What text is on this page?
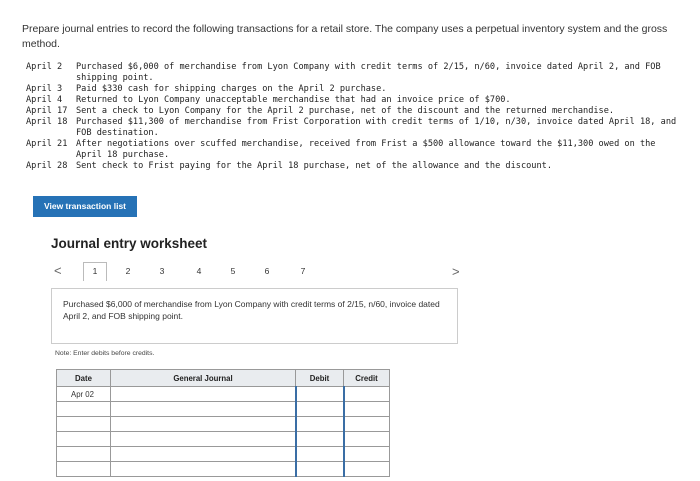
Prepare journal entries to record the following transactions for a retail store. The company uses a perpetual inventory system and the gross method.
April 2	Purchased $6,000 of merchandise from Lyon Company with credit terms of 2/15, n/60, invoice dated April 2, and FOB shipping point.
April 3	Paid $330 cash for shipping charges on the April 2 purchase.
April 4	Returned to Lyon Company unacceptable merchandise that had an invoice price of $700.
April 17 Sent a check to Lyon Company for the April 2 purchase, net of the discount and the returned merchandise.
April 18 Purchased $11,300 of merchandise from Frist Corporation with credit terms of 1/10, n/30, invoice dated April 18, and FOB destination.
April 21 After negotiations over scuffed merchandise, received from Frist a $500 allowance toward the $11,300 owed on the April 18 purchase.
April 28 Sent check to Frist paying for the April 18 purchase, net of the allowance and the discount.
View transaction list
Journal entry worksheet
<	1	2	3	4	5	6	7	>
Purchased $6,000 of merchandise from Lyon Company with credit terms of 2/15, n/60, invoice dated April 2, and FOB shipping point.
Note: Enter debits before credits.
Date	General Journal	Debit	Credit
Apr 02			
